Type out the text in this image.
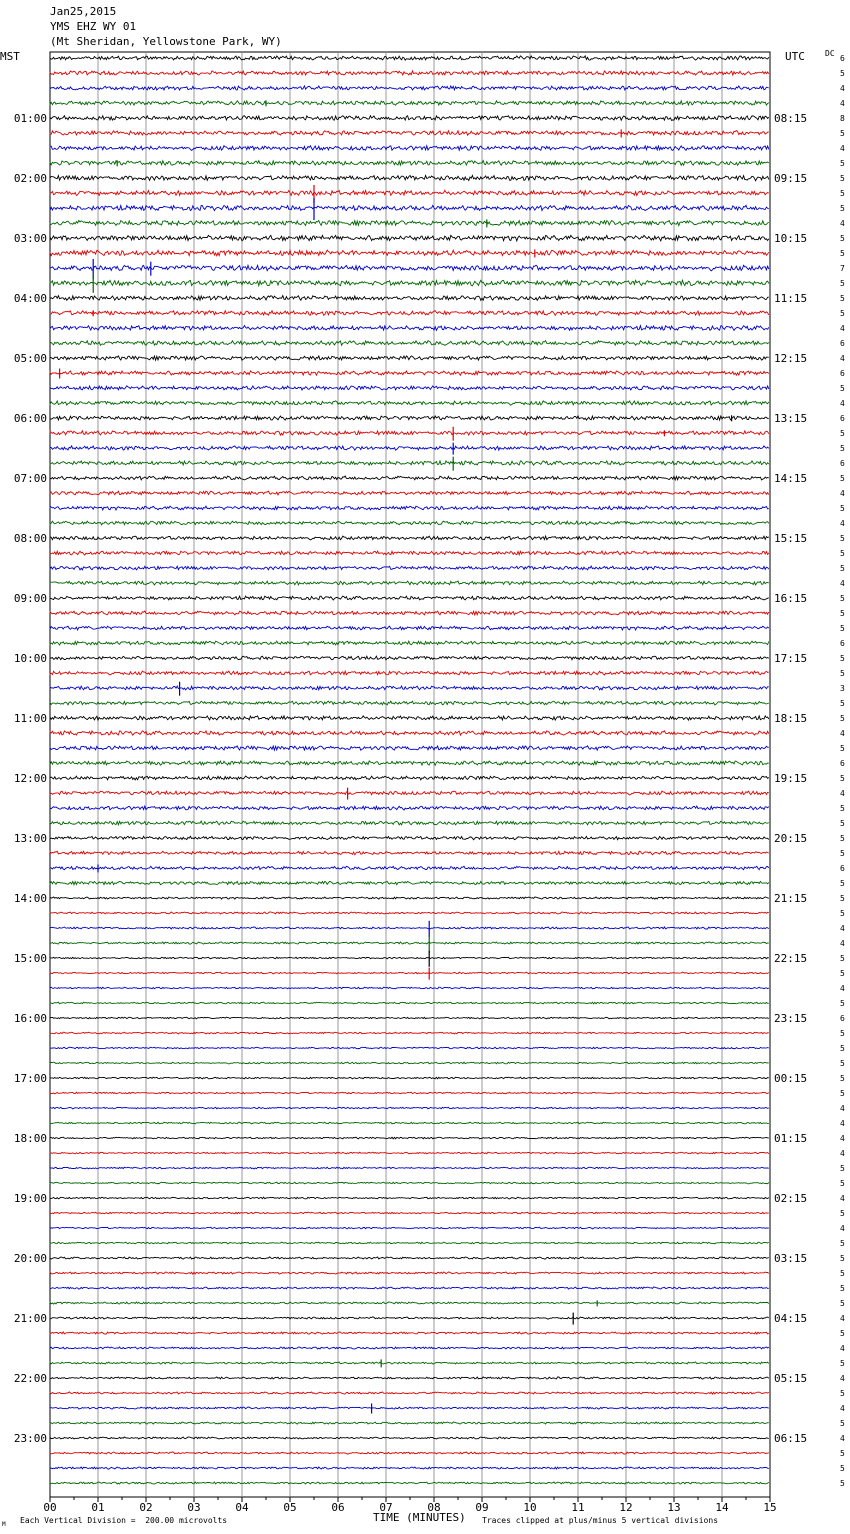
Jan25,2015
YMS EHZ WY 01
(Mt Sheridan, Yellowstone Park, WY)
MST	UTC	DC
TIME (MINUTES)
Each Vertical Division =  200.00 microvolts	Traces clipped at plus/minus 5 vertical divisions
M
00	01	02	03	04	05	06	07	08	09	10	11	12	13	14	15
6
5
4
4
8
5
4
5
5
5
5
4
5
5
7
5
5
5
4
6
4
6
5
4
6
5
5
6
5
4
5
4
5
5
5
4
5
5
5
6
5
5
3
5
5
4
5
6
5
4
5
5
5
5
6
5
5
5
4
4
5
5
4
5
6
5
5
5
5
5
4
4
4
4
5
5
4
5
4
5
5
5
5
5
4
5
4
5
4
5
4
5
4
5
5
5
01:00	08:15
02:00	09:15
03:00	10:15
04:00	11:15
05:00	12:15
06:00	13:15
07:00	14:15
08:00	15:15
09:00	16:15
10:00	17:15
11:00	18:15
12:00	19:15
13:00	20:15
14:00	21:15
15:00	22:15
16:00	23:15
17:00	00:15
18:00	01:15
19:00	02:15
20:00	03:15
21:00	04:15
22:00	05:15
23:00	06:15
